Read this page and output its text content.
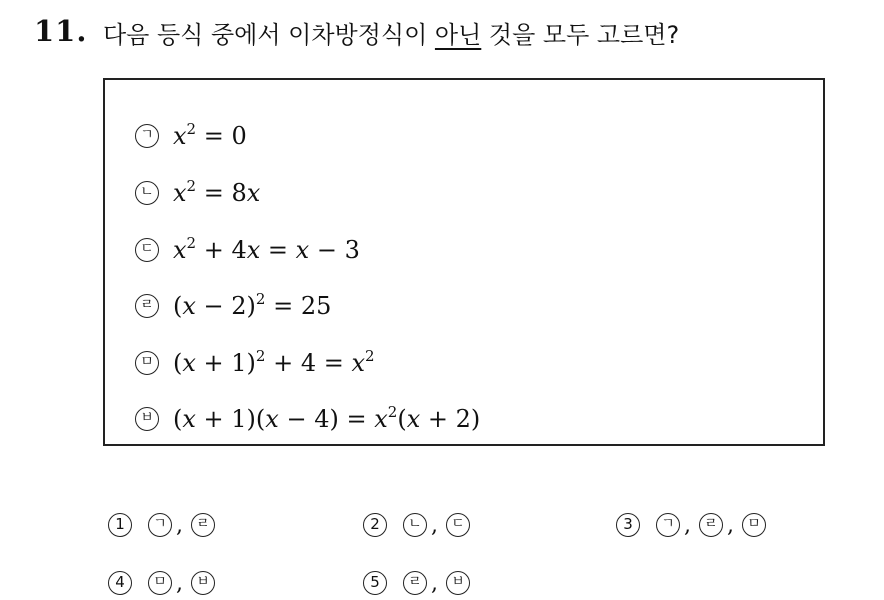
11. 다음 등식 중에서 이차방정식이 아닌 것을 모두 고르면?
ㄱ $x^2 = 0$
ㄴ $x^2 = 8x$
ㄷ $x^2 + 4x = x - 3$
ㄹ $(x - 2)^2 = 25$
ㅁ $(x + 1)^2 + 4 = x^2$
ㅂ $(x + 1)(x - 4) = x^2(x + 2)$
1	ㄱ , ㄹ	2	ㄴ , ㄷ	3	ㄱ , ㄹ , ㅁ
4	ㅁ , ㅂ	5	ㄹ , ㅂ
